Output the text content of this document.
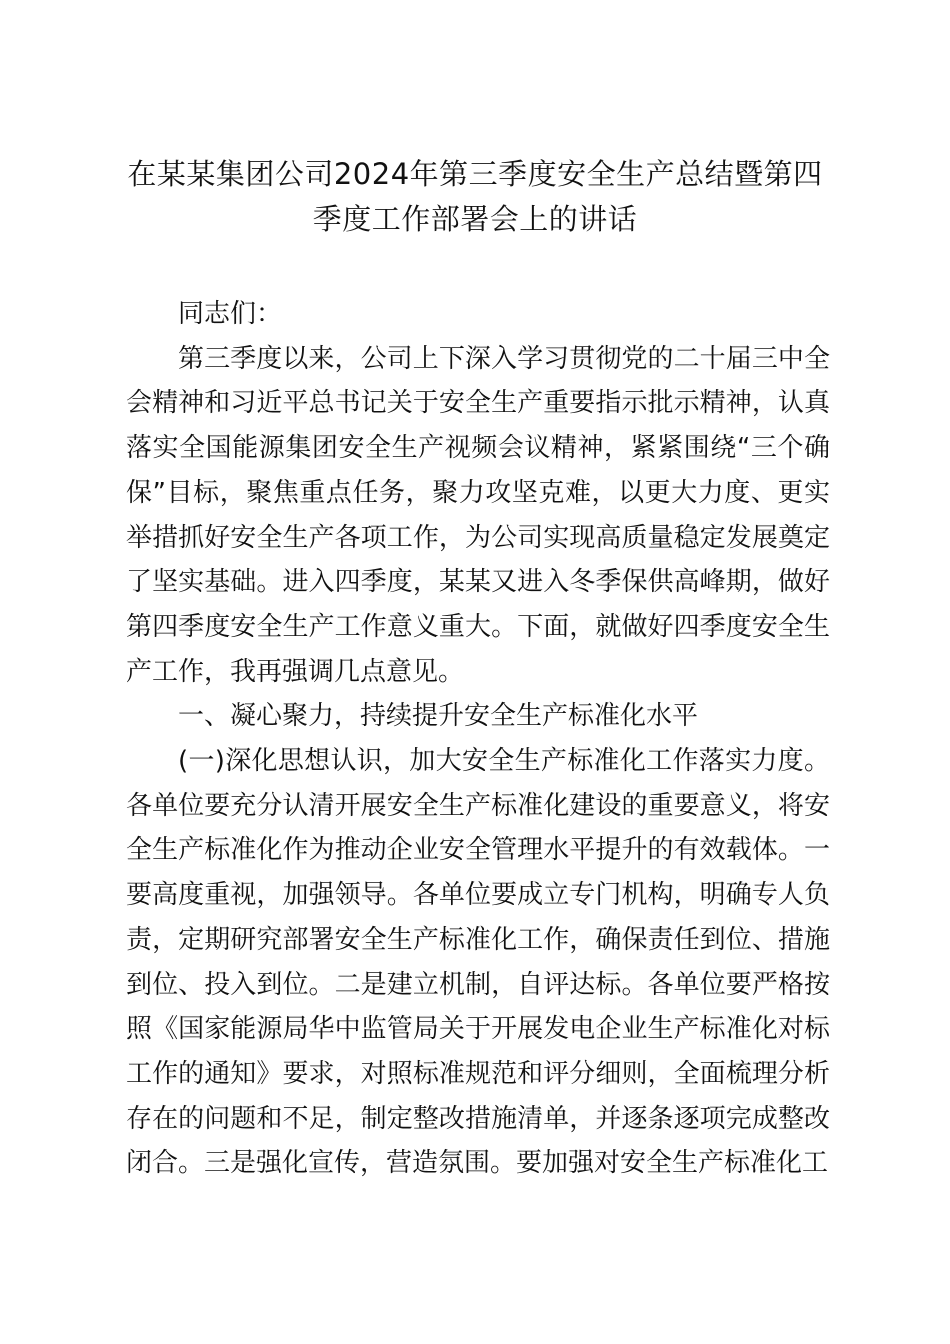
在某某集团公司2024年第三季度安全生产总结暨第四季度工作部署会上的讲话

同志们：

第三季度以来，公司上下深入学习贯彻党的二十届三中全会精神和习近平总书记关于安全生产重要指示批示精神，认真落实全国能源集团安全生产视频会议精神，紧紧围绕“三个确保”目标，聚焦重点任务，聚力攻坚克难，以更大力度、更实举措抓好安全生产各项工作，为公司实现高质量稳定发展奠定了坚实基础。进入四季度，某某又进入冬季保供高峰期，做好第四季度安全生产工作意义重大。下面，就做好四季度安全生产工作，我再强调几点意见。

一、凝心聚力，持续提升安全生产标准化水平

(一)深化思想认识，加大安全生产标准化工作落实力度。各单位要充分认清开展安全生产标准化建设的重要意义，将安全生产标准化作为推动企业安全管理水平提升的有效载体。一要高度重视，加强领导。各单位要成立专门机构，明确专人负责，定期研究部署安全生产标准化工作，确保责任到位、措施到位、投入到位。二是建立机制，自评达标。各单位要严格按照《国家能源局华中监管局关于开展发电企业生产标准化对标工作的通知》要求，对照标准规范和评分细则，全面梳理分析存在的问题和不足，制定整改措施清单，并逐条逐项完成整改闭合。三是强化宣传，营造氛围。要加强对安全生产标准化工
